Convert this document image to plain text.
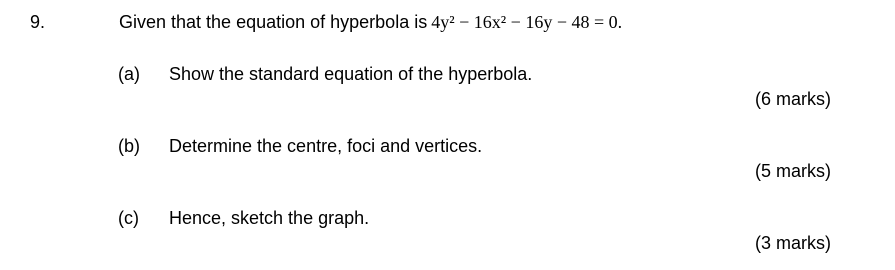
9.	Given that the equation of hyperbola is 4y² − 16x² − 16y − 48 = 0.
(a) Show the standard equation of the hyperbola.
(6 marks)
(b) Determine the centre, foci and vertices.
(5 marks)
(c) Hence, sketch the graph.
(3 marks)
